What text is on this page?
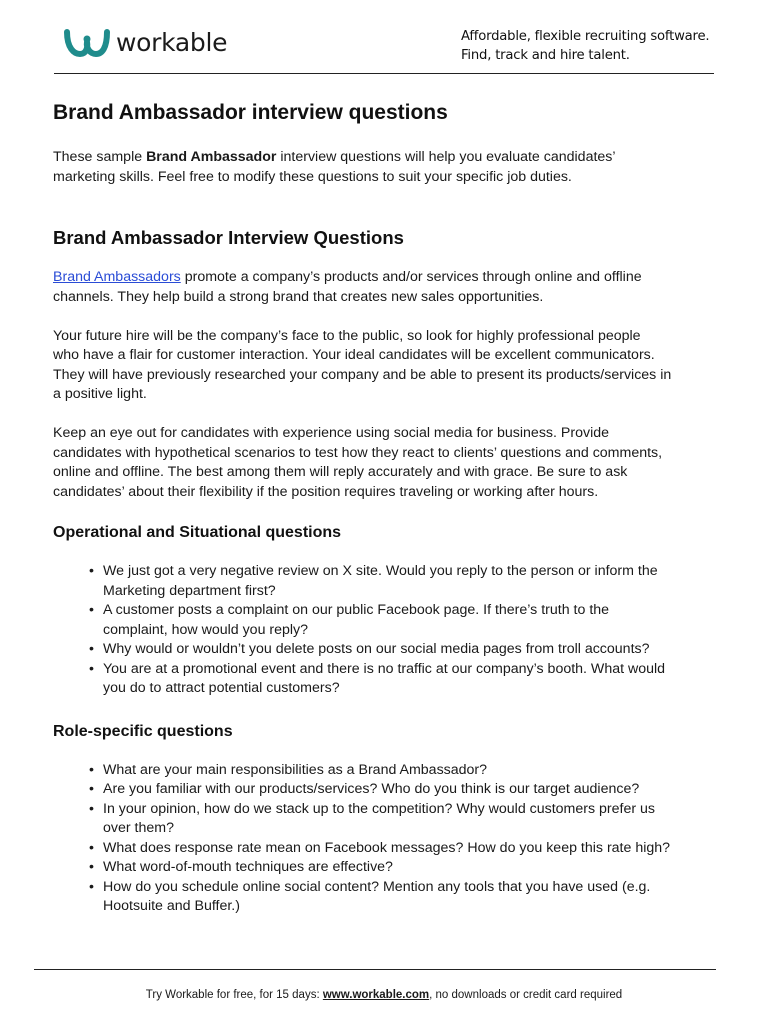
workable	Affordable, flexible recruiting software.
Find, track and hire talent.
Brand Ambassador interview questions

These sample Brand Ambassador interview questions will help you evaluate candidates’
marketing skills. Feel free to modify these questions to suit your specific job duties.

Brand Ambassador Interview Questions

Brand Ambassadors promote a company’s products and/or services through online and offline
channels. They help build a strong brand that creates new sales opportunities.

Your future hire will be the company’s face to the public, so look for highly professional people
who have a flair for customer interaction. Your ideal candidates will be excellent communicators.
They will have previously researched your company and be able to present its products/services in
a positive light.

Keep an eye out for candidates with experience using social media for business. Provide
candidates with hypothetical scenarios to test how they react to clients’ questions and comments,
online and offline. The best among them will reply accurately and with grace. Be sure to ask
candidates’ about their flexibility if the position requires traveling or working after hours.

Operational and Situational questions
• We just got a very negative review on X site. Would you reply to the person or inform the
Marketing department first?
• A customer posts a complaint on our public Facebook page. If there’s truth to the
complaint, how would you reply?
• Why would or wouldn’t you delete posts on our social media pages from troll accounts?
• You are at a promotional event and there is no traffic at our company’s booth. What would
you do to attract potential customers?
Role-specific questions
• What are your main responsibilities as a Brand Ambassador?
• Are you familiar with our products/services? Who do you think is our target audience?
• In your opinion, how do we stack up to the competition? Why would customers prefer us
over them?
• What does response rate mean on Facebook messages? How do you keep this rate high?
• What word-of-mouth techniques are effective?
• How do you schedule online social content? Mention any tools that you have used (e.g.
Hootsuite and Buffer.)
Try Workable for free, for 15 days: www.workable.com, no downloads or credit card required
